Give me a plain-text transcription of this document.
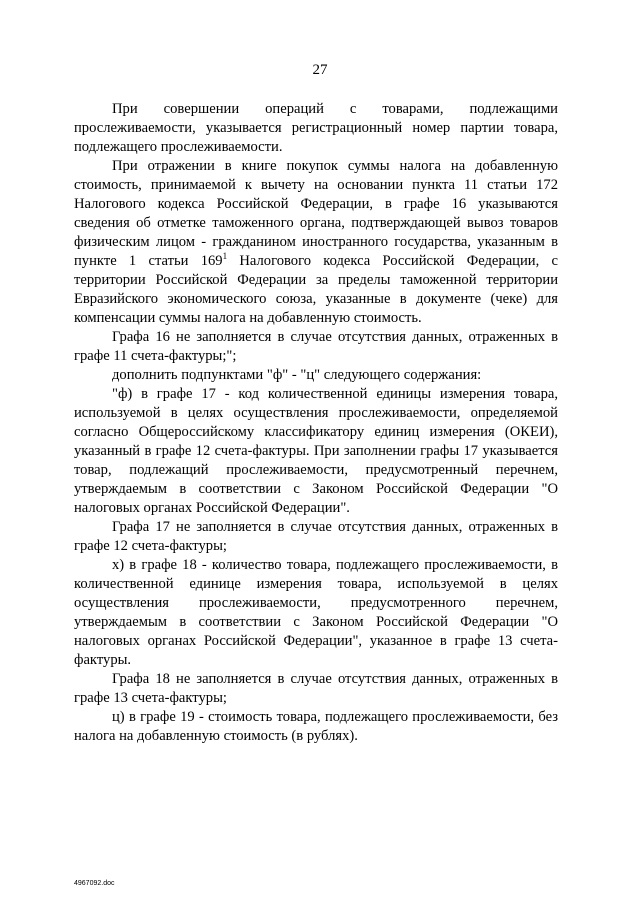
27

При совершении операций с товарами, подлежащими прослеживаемости, указывается регистрационный номер партии товара, подлежащего прослеживаемости.

При отражении в книге покупок суммы налога на добавленную стоимость, принимаемой к вычету на основании пункта 11 статьи 172 Налогового кодекса Российской Федерации, в графе 16 указываются сведения об отметке таможенного органа, подтверждающей вывоз товаров физическим лицом - гражданином иностранного государства, указанным в пункте 1 статьи $169^1$ Налогового кодекса Российской Федерации, с территории Российской Федерации за пределы таможенной территории Евразийского экономического союза, указанные в документе (чеке) для компенсации суммы налога на добавленную стоимость.

Графа 16 не заполняется в случае отсутствия данных, отраженных в графе 11 счета-фактуры;";

дополнить подпунктами "ф" - "ц" следующего содержания:

"ф) в графе 17 - код количественной единицы измерения товара, используемой в целях осуществления прослеживаемости, определяемой согласно Общероссийскому классификатору единиц измерения (ОКЕИ), указанный в графе 12 счета-фактуры. При заполнении графы 17 указывается товар, подлежащий прослеживаемости, предусмотренный перечнем, утверждаемым в соответствии с Законом Российской Федерации "О налоговых органах Российской Федерации".

Графа 17 не заполняется в случае отсутствия данных, отраженных в графе 12 счета-фактуры;

х) в графе 18 - количество товара, подлежащего прослеживаемости, в количественной единице измерения товара, используемой в целях осуществления прослеживаемости, предусмотренного перечнем, утверждаемым в соответствии с Законом Российской Федерации "О налоговых органах Российской Федерации", указанное в графе 13 счета-фактуры.

Графа 18 не заполняется в случае отсутствия данных, отраженных в графе 13 счета-фактуры;

ц) в графе 19 - стоимость товара, подлежащего прослеживаемости, без налога на добавленную стоимость (в рублях).

4967092.doc
